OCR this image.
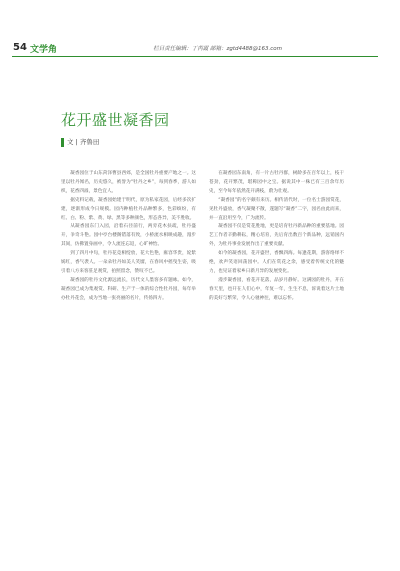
54 文学角	栏目责任编辑：丁芮霞 邮箱：zgtd4488@163.com
花开盛世凝香园
文 | 齐鲁田

凝香园位于山东菏泽曹县西郊，是全国牡丹重要产地之一。这里以牡丹闻名，历史悠久，被誉为“牡丹之乡”，每到春季，游人如织，花香四溢，景色宜人。

据史料记载，凝香园始建于明代，原为私家花园，后经多次扩建，逐渐形成今日规模。园内种植牡丹品种繁多，色彩缤纷，有红、白、粉、紫、黄、绿、黑等多种颜色，形态各异，美不胜收。

从凝香园东门入园，沿着石径前行，两旁花木扶疏，牡丹盛开，争奇斗艳。园中亭台楼阁错落有致，小桥流水相映成趣，漫步其间，仿佛置身画中，令人流连忘返，心旷神怡。

到了四月中旬，牡丹花竞相绽放，花大色艳，雍容华贵，姹紫嫣红，香气袭人。一朵朵牡丹如美人笑靥，在春风中摇曳生姿，吸引着八方来客驻足观赏，拍照留念，赞叹不已。

凝香园的牡丹文化源远流长，历代文人墨客多有题咏。如今，凝香园已成为集观赏、科研、生产于一体的综合性牡丹园，每年举办牡丹花会，成为当地一张亮丽的名片，传扬四方。

在凝香园东南角，有一片古牡丹群，树龄多在百年以上，枝干苍劲，花开繁茂，堪称园中之宝。据说其中一株已有三百余年历史，至今每年依然花开满枝，蔚为壮观。

“凝香园”的名字颇有来历。相传清代时，一位名士游园赏花，见牡丹盛放，香气凝聚不散，遂题写“凝香”二字，园名由此而来，并一直沿用至今，广为流传。

凝香园不仅是赏花胜地，更是培育牡丹新品种的重要基地。园艺工作者辛勤耕耘，精心培育，先后育出数百个新品种，远销国内外，为牡丹事业发展作出了重要贡献。

如今的凝香园，花开盛世，香飘四海。每逢花期，游客络绎不绝，欢声笑语回荡园中。人们在赏花之余，感受着传统文化的魅力，也见证着家乡日新月异的发展变化。

漫步凝香园，看花开花落，品岁月静好。这满园的牡丹，开在春天里，也开在人们心中，年复一年，生生不息，诉说着这片土地的美好与繁荣，令人心驰神往，难以忘怀。
